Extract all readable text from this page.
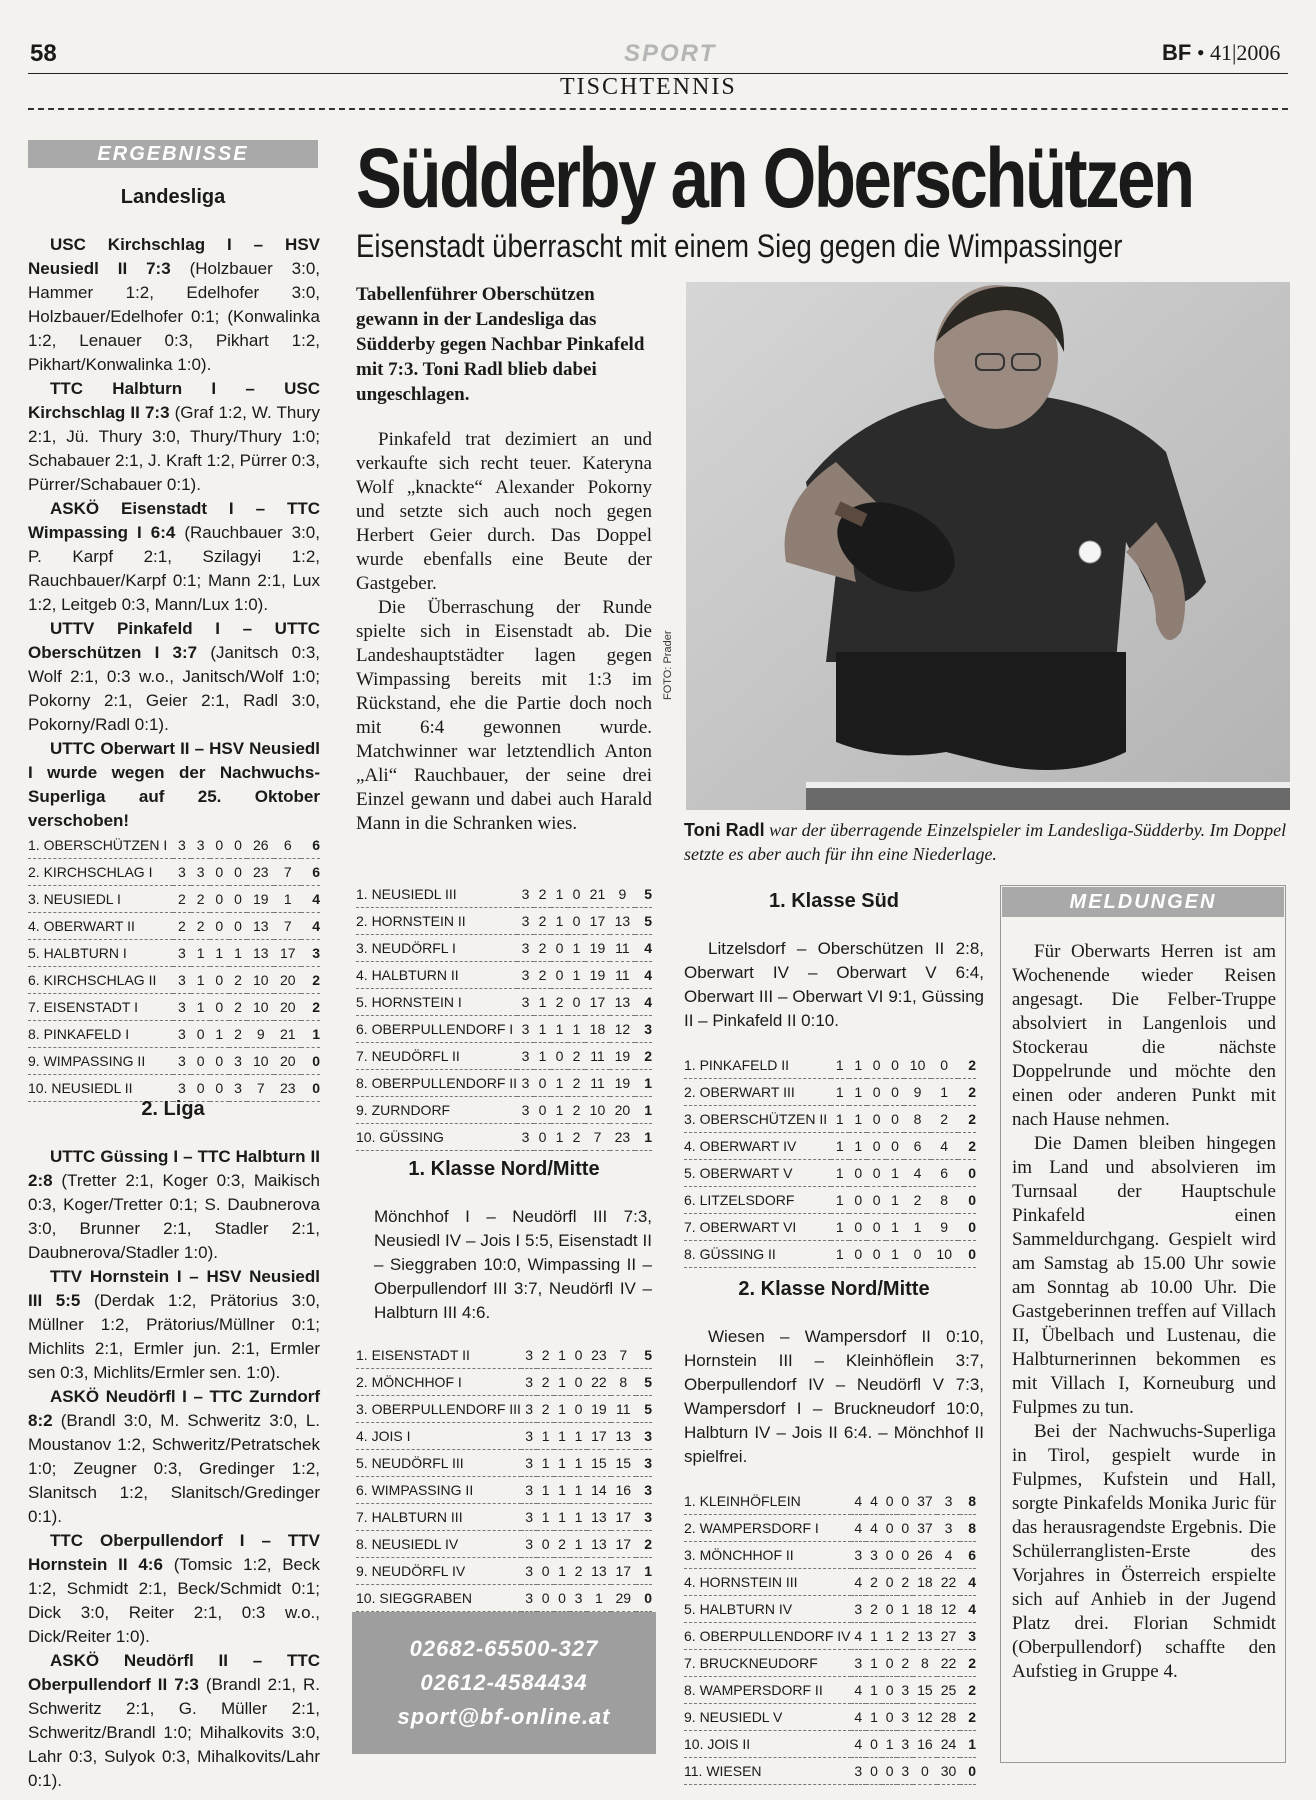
58	SPORT	BF • 41|2006
TISCHTENNIS
ERGEBNISSE
Landesliga

USC Kirchschlag I – HSV Neusiedl II 7:3 (Holzbauer 3:0, Hammer 1:2, Edelhofer 3:0, Holzbauer/Edelhofer 0:1; (Konwalinka 1:2, Lenauer 0:3, Pikhart 1:2, Pikhart/Konwalinka 1:0).

TTC Halbturn I – USC Kirchschlag II 7:3 (Graf 1:2, W. Thury 2:1, Jü. Thury 3:0, Thury/Thury 1:0; Schabauer 2:1, J. Kraft 1:2, Pürrer 0:3, Pürrer/Schabauer 0:1).

ASKÖ Eisenstadt I – TTC Wimpassing I 6:4 (Rauchbauer 3:0, P. Karpf 2:1, Szilagyi 1:2, Rauchbauer/Karpf 0:1; Mann 2:1, Lux 1:2, Leitgeb 0:3, Mann/Lux 1:0).

UTTV Pinkafeld I – UTTC Oberschützen I 3:7 (Janitsch 0:3, Wolf 2:1, 0:3 w.o., Janitsch/Wolf 1:0; Pokorny 2:1, Geier 2:1, Radl 3:0, Pokorny/Radl 0:1).

UTTC Oberwart II – HSV Neusiedl I wurde wegen der Nachwuchs-Superliga auf 25. Oktober verschoben!

1. OBERSCHÜTZEN I	3	3	0	0	26	6	6
2. KIRCHSCHLAG I	3	3	0	0	23	7	6
3. NEUSIEDL I	2	2	0	0	19	1	4
4. OBERWART II	2	2	0	0	13	7	4
5. HALBTURN I	3	1	1	1	13	17	3
6. KIRCHSCHLAG II	3	1	0	2	10	20	2
7. EISENSTADT I	3	1	0	2	10	20	2
8. PINKAFELD I	3	0	1	2	9	21	1
9. WIMPASSING II	3	0	0	3	10	20	0
10. NEUSIEDL II	3	0	0	3	7	23	0
2. Liga

UTTC Güssing I – TTC Halbturn II 2:8 (Tretter 2:1, Koger 0:3, Maikisch 0:3, Koger/Tretter 0:1; S. Daubnerova 3:0, Brunner 2:1, Stadler 2:1, Daubnerova/Stadler 1:0).

TTV Hornstein I – HSV Neusiedl III 5:5 (Derdak 1:2, Prätorius 3:0, Müllner 1:2, Prätorius/Müllner 0:1; Michlits 2:1, Ermler jun. 2:1, Ermler sen 0:3, Michlits/Ermler sen. 1:0).

ASKÖ Neudörfl I – TTC Zurndorf 8:2 (Brandl 3:0, M. Schweritz 3:0, L. Moustanov 1:2, Schweritz/Petratschek 1:0; Zeugner 0:3, Gredinger 1:2, Slanitsch 1:2, Slanitsch/Gredinger 0:1).

TTC Oberpullendorf I – TTV Hornstein II 4:6 (Tomsic 1:2, Beck 1:2, Schmidt 2:1, Beck/Schmidt 0:1; Dick 3:0, Reiter 2:1, 0:3 w.o., Dick/Reiter 1:0).

ASKÖ Neudörfl II – TTC Oberpullendorf II 7:3 (Brandl 2:1, R. Schweritz 2:1, G. Müller 2:1, Schweritz/Brandl 1:0; Mihalkovits 3:0, Lahr 0:3, Sulyok 0:3, Mihalkovits/Lahr 0:1).

Südderby an Oberschützen
Eisenstadt überrascht mit einem Sieg gegen die Wimpassinger
Tabellenführer Oberschützen gewann in der Landesliga das Südderby gegen Nachbar Pinkafeld mit 7:3. Toni Radl blieb dabei ungeschlagen.

Pinkafeld trat dezimiert an und verkaufte sich recht teuer. Kateryna Wolf „knackte“ Alexander Pokorny und setzte sich auch noch gegen Herbert Geier durch. Das Doppel wurde ebenfalls eine Beute der Gastgeber.

Die Überraschung der Runde spielte sich in Eisenstadt ab. Die Landeshauptstädter lagen gegen Wimpassing bereits mit 1:3 im Rückstand, ehe die Partie doch noch mit 6:4 gewonnen wurde. Matchwinner war letztendlich Anton „Ali“ Rauchbauer, der seine drei Einzel gewann und dabei auch Harald Mann in die Schranken wies.

FOTO: Prader
Toni Radl war der überragende Einzelspieler im Landesliga-Südderby. Im Doppel setzte es aber auch für ihn eine Niederlage.
1. NEUSIEDL III	3	2	1	0	21	9	5
2. HORNSTEIN II	3	2	1	0	17	13	5
3. NEUDÖRFL I	3	2	0	1	19	11	4
4. HALBTURN II	3	2	0	1	19	11	4
5. HORNSTEIN I	3	1	2	0	17	13	4
6. OBERPULLENDORF I	3	1	1	1	18	12	3
7. NEUDÖRFL II	3	1	0	2	11	19	2
8. OBERPULLENDORF II	3	0	1	2	11	19	1
9. ZURNDORF	3	0	1	2	10	20	1
10. GÜSSING	3	0	1	2	7	23	1
1. Klasse Nord/Mitte
Mönchhof I – Neudörfl III 7:3, Neusiedl IV – Jois I 5:5, Eisenstadt II – Sieggraben 10:0, Wimpassing II – Oberpullendorf III 3:7, Neudörfl IV – Halbturn III 4:6.
1. EISENSTADT II	3	2	1	0	23	7	5
2. MÖNCHHOF I	3	2	1	0	22	8	5
3. OBERPULLENDORF III	3	2	1	0	19	11	5
4. JOIS I	3	1	1	1	17	13	3
5. NEUDÖRFL III	3	1	1	1	15	15	3
6. WIMPASSING II	3	1	1	1	14	16	3
7. HALBTURN III	3	1	1	1	13	17	3
8. NEUSIEDL IV	3	0	2	1	13	17	2
9. NEUDÖRFL IV	3	0	1	2	13	17	1
10. SIEGGRABEN	3	0	0	3	1	29	0
02682-65500-327
02612-4584434
sport@bf-online.at
1. Klasse Süd
Litzelsdorf – Oberschützen II 2:8, Oberwart IV – Oberwart V 6:4, Oberwart III – Oberwart VI 9:1, Güssing II – Pinkafeld II 0:10.
1. PINKAFELD II	1	1	0	0	10	0	2
2. OBERWART III	1	1	0	0	9	1	2
3. OBERSCHÜTZEN II	1	1	0	0	8	2	2
4. OBERWART IV	1	1	0	0	6	4	2
5. OBERWART V	1	0	0	1	4	6	0
6. LITZELSDORF	1	0	0	1	2	8	0
7. OBERWART VI	1	0	0	1	1	9	0
8. GÜSSING II	1	0	0	1	0	10	0
2. Klasse Nord/Mitte
Wiesen – Wampersdorf II 0:10, Hornstein III – Kleinhöflein 3:7, Oberpullendorf IV – Neudörfl V 7:3, Wampersdorf I – Bruckneudorf 10:0, Halbturn IV – Jois II 6:4. – Mönchhof II spielfrei.
1. KLEINHÖFLEIN	4	4	0	0	37	3	8
2. WAMPERSDORF I	4	4	0	0	37	3	8
3. MÖNCHHOF II	3	3	0	0	26	4	6
4. HORNSTEIN III	4	2	0	2	18	22	4
5. HALBTURN IV	3	2	0	1	18	12	4
6. OBERPULLENDORF IV	4	1	1	2	13	27	3
7. BRUCKNEUDORF	3	1	0	2	8	22	2
8. WAMPERSDORF II	4	1	0	3	15	25	2
9. NEUSIEDL V	4	1	0	3	12	28	2
10. JOIS II	4	0	1	3	16	24	1
11. WIESEN	3	0	0	3	0	30	0
MELDUNGEN

Für Oberwarts Herren ist am Wochenende wieder Reisen angesagt. Die Felber-Truppe absolviert in Langenlois und Stockerau die nächste Doppelrunde und möchte den einen oder anderen Punkt mit nach Hause nehmen.

Die Damen bleiben hingegen im Land und absolvieren im Turnsaal der Hauptschule Pinkafeld einen Sammeldurchgang. Gespielt wird am Samstag ab 15.00 Uhr sowie am Sonntag ab 10.00 Uhr. Die Gastgeberinnen treffen auf Villach II, Übelbach und Lustenau, die Halbturnerinnen bekommen es mit Villach I, Korneuburg und Fulpmes zu tun.

Bei der Nachwuchs-Superliga in Tirol, gespielt wurde in Fulpmes, Kufstein und Hall, sorgte Pinkafelds Monika Juric für das herausragendste Ergebnis. Die Schülerranglisten-Erste des Vorjahres in Österreich erspielte sich auf Anhieb in der Jugend Platz drei. Florian Schmidt (Oberpullendorf) schaffte den Aufstieg in Gruppe 4.
